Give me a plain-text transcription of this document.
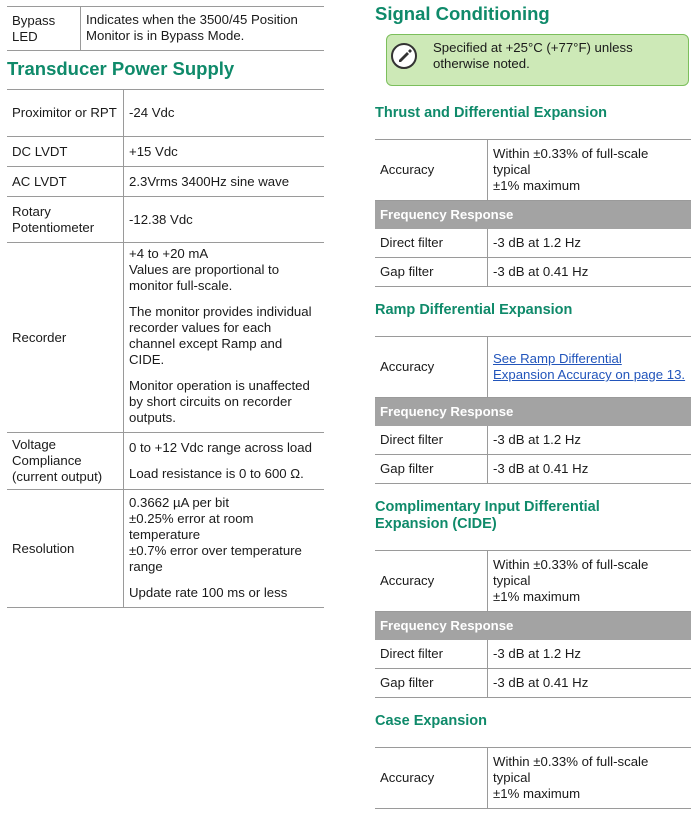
Bypass LED	Indicates when the 3500/45 Position Monitor is in Bypass Mode.
Transducer Power Supply
Proximitor or RPT	-24 Vdc

DC LVDT	+15 Vdc

AC LVDT	2.3Vrms 3400Hz sine wave

Rotary Potentiometer	-12.38 Vdc

Recorder	+4 to +20 mA
Values are proportional to monitor full-scale.

The monitor provides individual recorder values for each channel except Ramp and CIDE.

Monitor operation is unaffected by short circuits on recorder outputs.

Voltage Compliance (current output)	0 to +12 Vdc range across load

Load resistance is 0 to 600 Ω.

Resolution	0.3662 µA per bit
±0.25% error at room temperature
±0.7% error over temperature range

Update rate 100 ms or less

Signal Conditioning
Specified at +25°C (+77°F) unless otherwise noted.
Thrust and Differential Expansion
Accuracy	Within ±0.33% of full-scale typical
±1% maximum
Frequency Response	
Direct filter	-3 dB at 1.2 Hz
Gap filter	-3 dB at 0.41 Hz
Ramp Differential Expansion
Accuracy	See Ramp Differential Expansion Accuracy on page 13.
Frequency Response	
Direct filter	-3 dB at 1.2 Hz
Gap filter	-3 dB at 0.41 Hz
Complimentary Input Differential Expansion (CIDE)
Accuracy	Within ±0.33% of full-scale typical
±1% maximum
Frequency Response	
Direct filter	-3 dB at 1.2 Hz
Gap filter	-3 dB at 0.41 Hz
Case Expansion
Accuracy	Within ±0.33% of full-scale typical
±1% maximum
